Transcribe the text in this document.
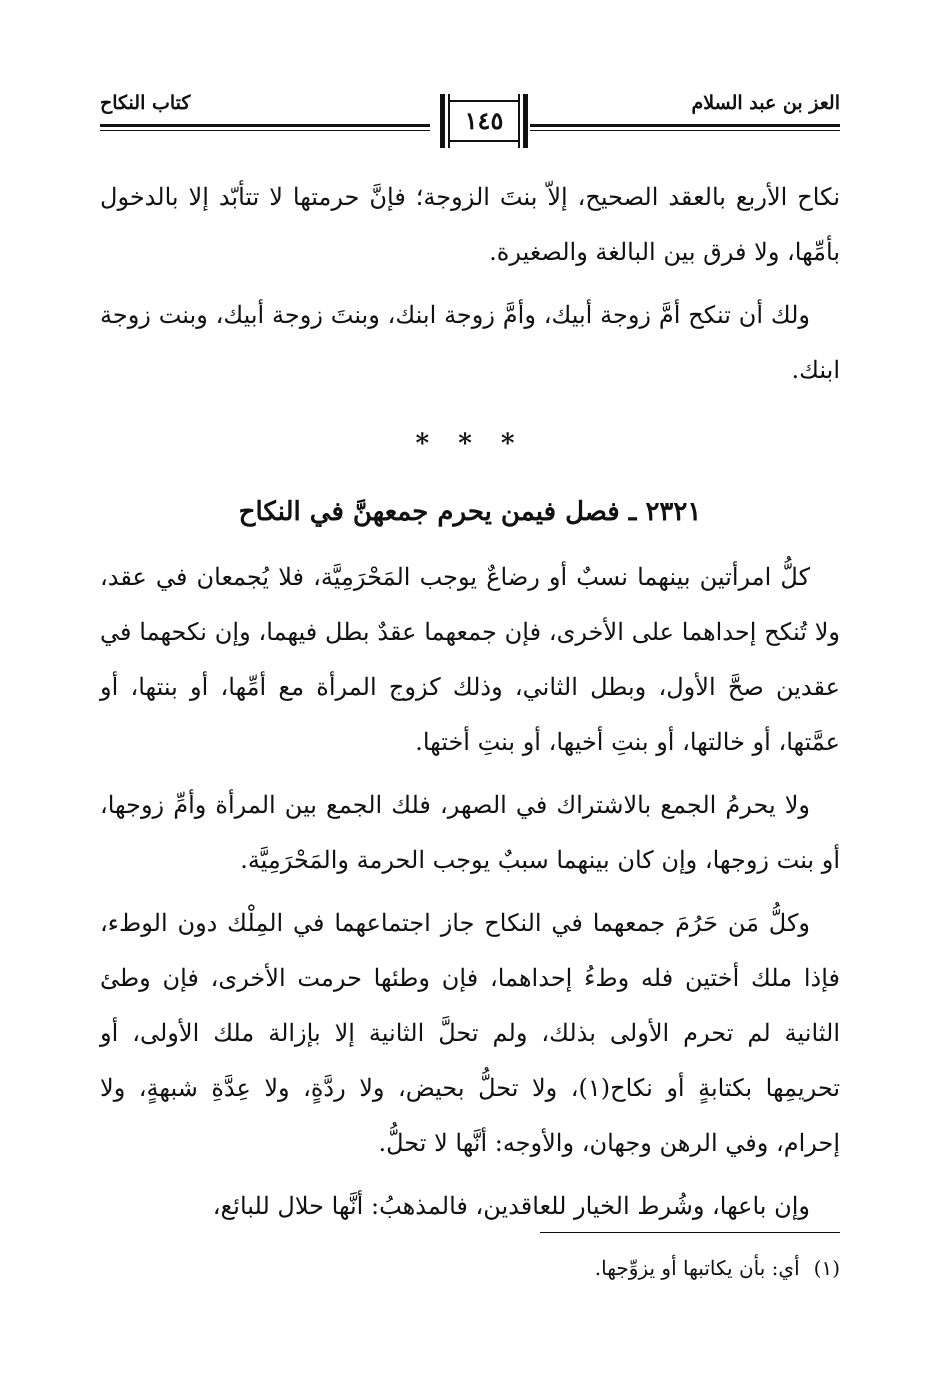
العز بن عبد السلام
١٤٥
كتاب النكاح

نكاح الأربع بالعقد الصحيح، إلاّ بنتَ الزوجة؛ فإنَّ حرمتها لا تتأبّد إلا بالدخول بأمِّها، ولا فرق بين البالغة والصغيرة.

ولك أن تنكح أمَّ زوجة أبيك، وأمَّ زوجة ابنك، وبنتَ زوجة أبيك، وبنت زوجة ابنك.

* * *
٢٣٢١ ـ فصل فيمن يحرم جمعهنَّ في النكاح

كلُّ امرأتين بينهما نسبٌ أو رضاعٌ يوجب المَحْرَمِيَّة، فلا يُجمعان في عقد، ولا تُنكح إحداهما على الأخرى، فإن جمعهما عقدٌ بطل فيهما، وإن نكحهما في عقدين صحَّ الأول، وبطل الثاني، وذلك كزوج المرأة مع أمِّها، أو بنتها، أو عمَّتها، أو خالتها، أو بنتِ أخيها، أو بنتِ أختها.

ولا يحرمُ الجمع بالاشتراك في الصهر، فلك الجمع بين المرأة وأمِّ زوجها، أو بنت زوجها، وإن كان بينهما سببٌ يوجب الحرمة والمَحْرَمِيَّة.

وكلُّ مَن حَرُمَ جمعهما في النكاح جاز اجتماعهما في المِلْك دون الوطء، فإذا ملك أختين فله وطءُ إحداهما، فإن وطئها حرمت الأخرى، فإن وطئ الثانية لم تحرم الأولى بذلك، ولم تحلَّ الثانية إلا بإزالة ملك الأولى، أو تحريمِها بكتابةٍ أو نكاح(١)، ولا تحلُّ بحيض، ولا ردَّةٍ، ولا عِدَّةِ شبهةٍ، ولا إحرام، وفي الرهن وجهان، والأوجه: أنَّها لا تحلُّ.

وإن باعها، وشُرط الخيار للعاقدين، فالمذهبُ: أنَّها حلال للبائع،

(١)أي: بأن يكاتبها أو يزوِّجها.
